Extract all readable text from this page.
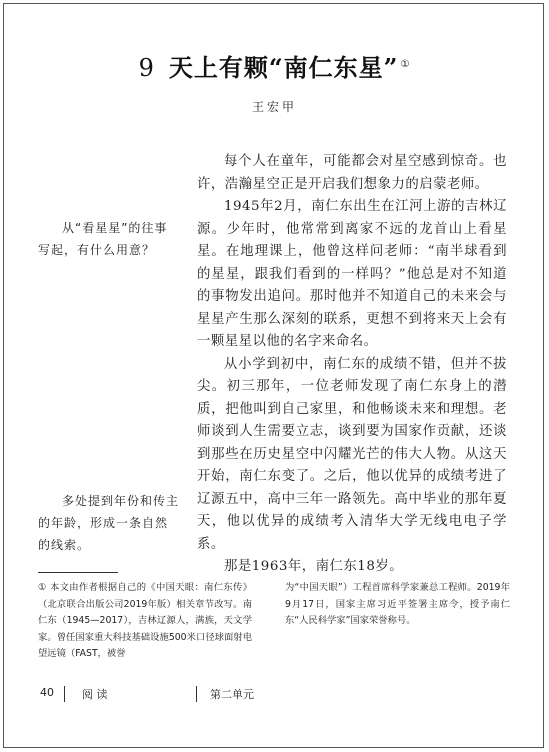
9 天上有颗“南仁东星” ①
王宏甲

每个人在童年，可能都会对星空感到惊奇。也许，浩瀚星空正是开启我们想象力的启蒙老师。

1945年2月，南仁东出生在江河上游的吉林辽源。少年时，他常常到离家不远的龙首山上看星星。在地理课上，他曾这样问老师：“南半球看到的星星，跟我们看到的一样吗？”他总是对不知道的事物发出追问。那时他并不知道自己的未来会与星星产生那么深刻的联系，更想不到将来天上会有一颗星星以他的名字来命名。

从小学到初中，南仁东的成绩不错，但并不拔尖。初三那年，一位老师发现了南仁东身上的潜质，把他叫到自己家里，和他畅谈未来和理想。老师谈到人生需要立志，谈到要为国家作贡献，还谈到那些在历史星空中闪耀光芒的伟大人物。从这天开始，南仁东变了。之后，他以优异的成绩考进了辽源五中，高中三年一路领先。高中毕业的那年夏天，他以优异的成绩考入清华大学无线电电子学系。

那是1963年，南仁东18岁。

从“看星星”的往事写起，有什么用意？

多处提到年份和传主的年龄，形成一条自然的线索。

① 本文由作者根据自己的《中国天眼：南仁东传》（北京联合出版公司2019年版）相关章节改写。南仁东（1945—2017），吉林辽源人，满族，天文学家。曾任国家重大科技基础设施500米口径球面射电望远镜（FAST，被誉
为“中国天眼”）工程首席科学家兼总工程师。2019年9月17日，国家主席习近平签署主席令，授予南仁东“人民科学家”国家荣誉称号。
40	阅 读	第二单元
